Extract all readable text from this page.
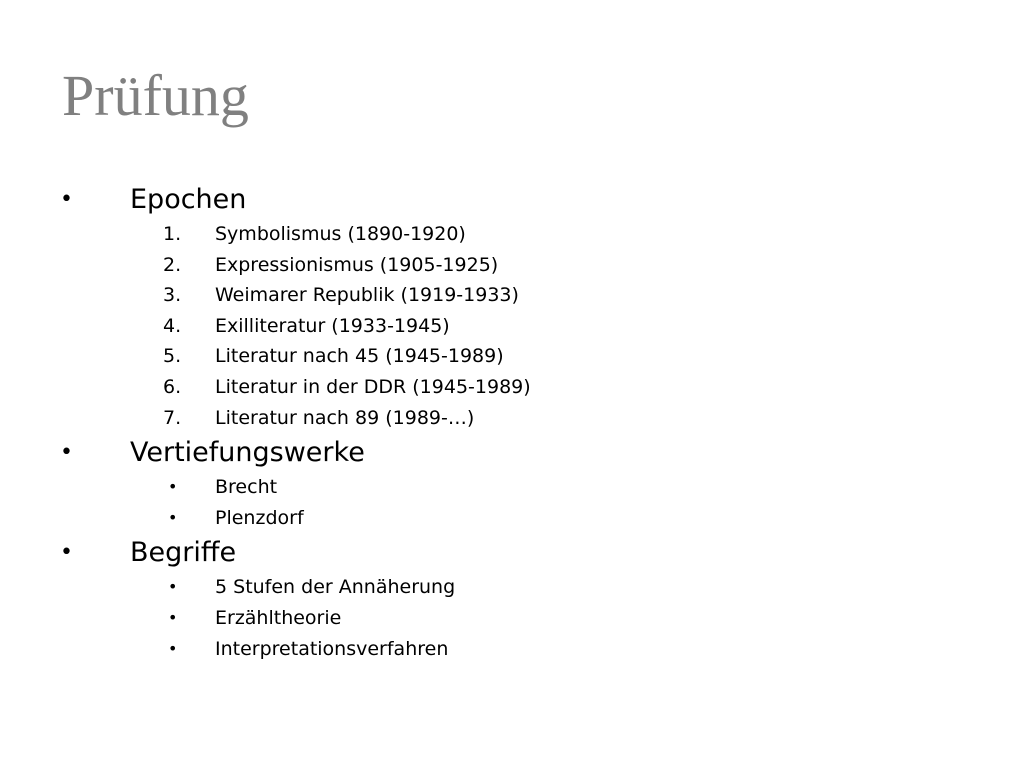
Prüfung
• Epochen
1. Symbolismus (1890-1920)
2. Expressionismus (1905-1925)
3. Weimarer Republik (1919-1933)
4. Exilliteratur (1933-1945)
5. Literatur nach 45 (1945-1989)
6. Literatur in der DDR (1945-1989)
7. Literatur nach 89 (1989-…)
• Vertiefungswerke
• Brecht
• Plenzdorf
• Begriffe
• 5 Stufen der Annäherung
• Erzähltheorie
• Interpretationsverfahren
